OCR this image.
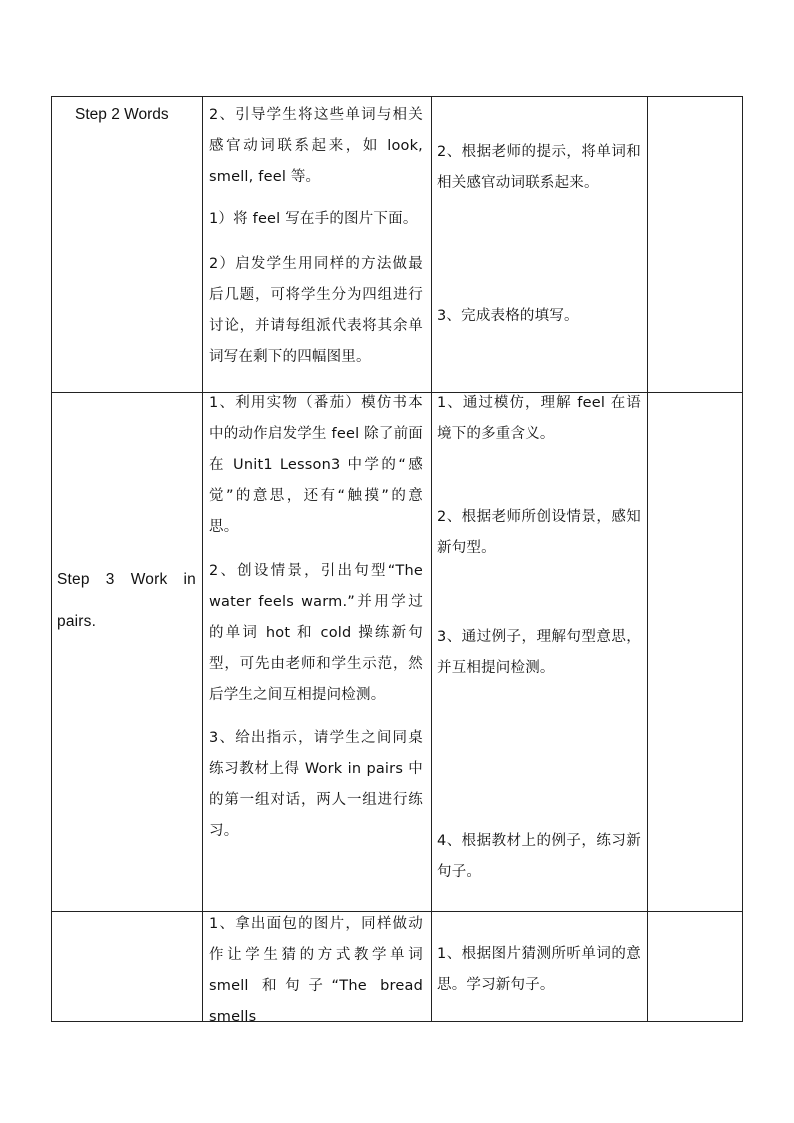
Step 2 Words	2、引导学生将这些单词与相关感官动词联系起来，如 look, smell, feel 等。

1）将 feel 写在手的图片下面。

2）启发学生用同样的方法做最后几题，可将学生分为四组进行讨论，并请每组派代表将其余单词写在剩下的四幅图里。

2、根据老师的提示，将单词和相关感官动词联系起来。

3、完成表格的填写。

Step 3 Work in pairs.

1、利用实物（番茄）模仿书本中的动作启发学生 feel 除了前面在 Unit1 Lesson3 中学的“感觉”的意思，还有“触摸”的意思。

2、创设情景，引出句型“The water feels warm.”并用学过的单词 hot 和 cold 操练新句型，可先由老师和学生示范，然后学生之间互相提问检测。

3、给出指示，请学生之间同桌练习教材上得 Work in pairs 中的第一组对话，两人一组进行练习。

1、通过模仿，理解 feel 在语境下的多重含义。

2、根据老师所创设情景，感知新句型。

3、通过例子，理解句型意思，并互相提问检测。

4、根据教材上的例子，练习新句子。

1、拿出面包的图片，同样做动作让学生猜的方式教学单词 smell 和句子“The bread smells

1、根据图片猜测所听单词的意思。学习新句子。
